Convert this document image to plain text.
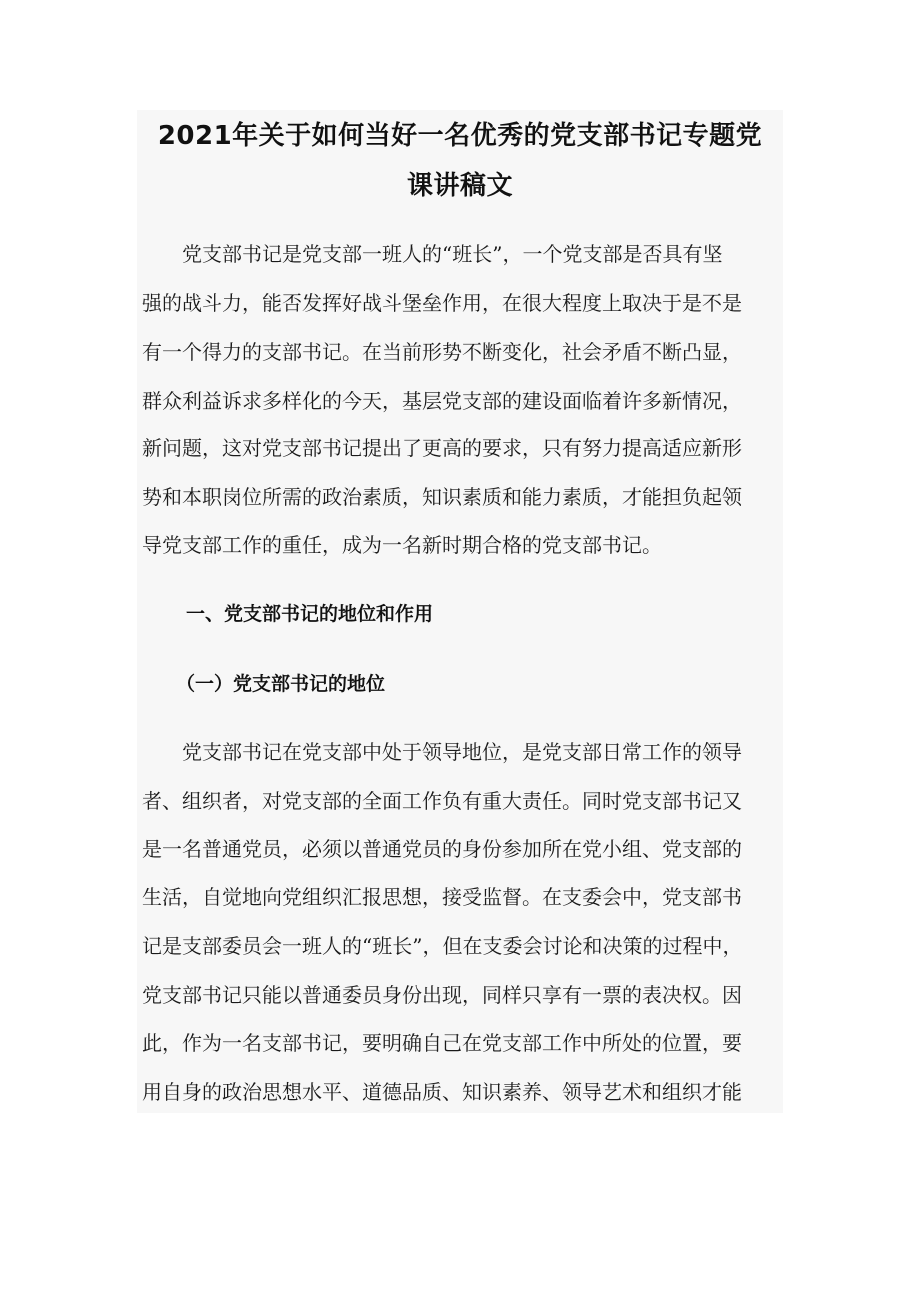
2021年关于如何当好一名优秀的党支部书记专题党
课讲稿文
党支部书记是党支部一班人的“班长”，一个党支部是否具有坚
强的战斗力，能否发挥好战斗堡垒作用，在很大程度上取决于是不是
有一个得力的支部书记。在当前形势不断变化，社会矛盾不断凸显，
群众利益诉求多样化的今天，基层党支部的建设面临着许多新情况，
新问题，这对党支部书记提出了更高的要求，只有努力提高适应新形
势和本职岗位所需的政治素质，知识素质和能力素质，才能担负起领
导党支部工作的重任，成为一名新时期合格的党支部书记。
一、党支部书记的地位和作用
（一）党支部书记的地位
党支部书记在党支部中处于领导地位，是党支部日常工作的领导
者、组织者，对党支部的全面工作负有重大责任。同时党支部书记又
是一名普通党员，必须以普通党员的身份参加所在党小组、党支部的
生活，自觉地向党组织汇报思想，接受监督。在支委会中，党支部书
记是支部委员会一班人的“班长”，但在支委会讨论和决策的过程中，
党支部书记只能以普通委员身份出现，同样只享有一票的表决权。因
此，作为一名支部书记，要明确自己在党支部工作中所处的位置，要
用自身的政治思想水平、道德品质、知识素养、领导艺术和组织才能
